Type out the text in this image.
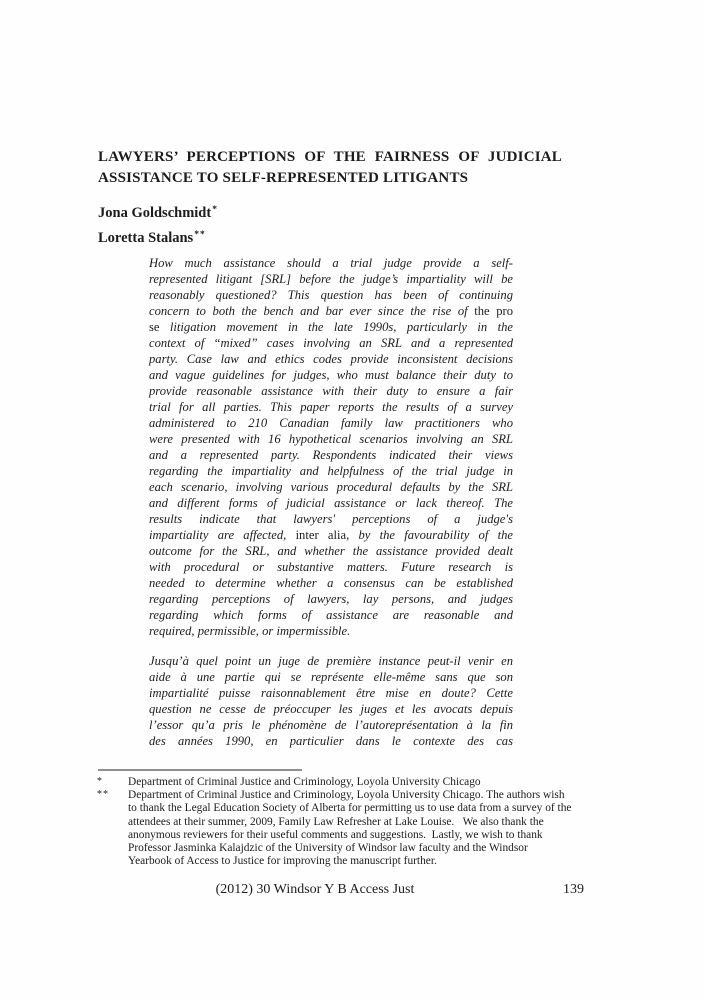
LAWYERS’ PERCEPTIONS OF THE FAIRNESS OF JUDICIAL
ASSISTANCE TO SELF-REPRESENTED LITIGANTS
Jona Goldschmidt*
Loretta Stalans**
How much assistance should a trial judge provide a self-
represented litigant [SRL] before the judge’s impartiality will be
reasonably questioned? This question has been of continuing
concern to both the bench and bar ever since the rise of the pro
se litigation movement in the late 1990s, particularly in the
context of “mixed” cases involving an SRL and a represented
party. Case law and ethics codes provide inconsistent decisions
and vague guidelines for judges, who must balance their duty to
provide reasonable assistance with their duty to ensure a fair
trial for all parties. This paper reports the results of a survey
administered to 210 Canadian family law practitioners who
were presented with 16 hypothetical scenarios involving an SRL
and a represented party. Respondents indicated their views
regarding the impartiality and helpfulness of the trial judge in
each scenario, involving various procedural defaults by the SRL
and different forms of judicial assistance or lack thereof. The
results indicate that lawyers' perceptions of a judge's
impartiality are affected, inter alia, by the favourability of the
outcome for the SRL, and whether the assistance provided dealt
with procedural or substantive matters. Future research is
needed to determine whether a consensus can be established
regarding perceptions of lawyers, lay persons, and judges
regarding which forms of assistance are reasonable and
required, permissible, or impermissible.
Jusqu’à quel point un juge de première instance peut-il venir en
aide à une partie qui se représente elle-même sans que son
impartialité puisse raisonnablement être mise en doute? Cette
question ne cesse de préoccuper les juges et les avocats depuis
l’essor qu’a pris le phénomène de l’autoreprésentation à la fin
des années 1990, en particulier dans le contexte des cas
* Department of Criminal Justice and Criminology, Loyola University Chicago
** Department of Criminal Justice and Criminology, Loyola University Chicago. The authors wish
to thank the Legal Education Society of Alberta for permitting us to use data from a survey of the
attendees at their summer, 2009, Family Law Refresher at Lake Louise.   We also thank the
anonymous reviewers for their useful comments and suggestions.  Lastly, we wish to thank
Professor Jasminka Kalajdzic of the University of Windsor law faculty and the Windsor
Yearbook of Access to Justice for improving the manuscript further.
(2012) 30 Windsor Y B Access Just	139
